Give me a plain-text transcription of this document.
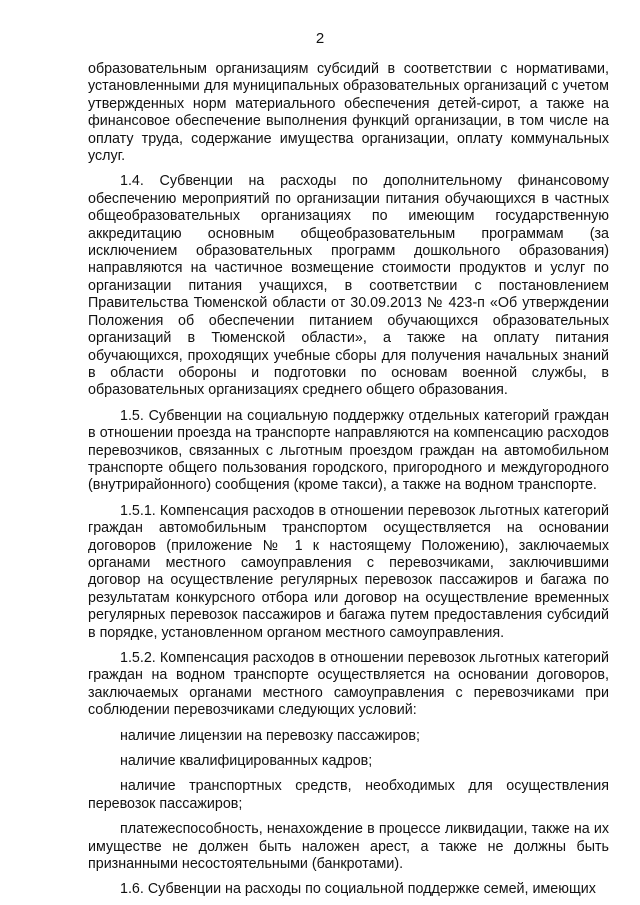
2

образовательным организациям субсидий в соответствии с нормативами, установленными для муниципальных образовательных организаций с учетом утвержденных норм материального обеспечения детей-сирот, а также на финансовое обеспечение выполнения функций организации, в том числе на оплату труда, содержание имущества организации, оплату коммунальных услуг.

1.4. Субвенции на расходы по дополнительному финансовому обеспечению мероприятий по организации питания обучающихся в частных общеобразовательных организациях по имеющим государственную аккредитацию основным общеобразовательным программам (за исключением образовательных программ дошкольного образования) направляются на частичное возмещение стоимости продуктов и услуг по организации питания учащихся, в соответствии с постановлением Правительства Тюменской области от 30.09.2013 № 423-п «Об утверждении Положения об обеспечении питанием обучающихся образовательных организаций в Тюменской области», а также на оплату питания обучающихся, проходящих учебные сборы для получения начальных знаний в области обороны и подготовки по основам военной службы, в образовательных организациях среднего общего образования.

1.5. Субвенции на социальную поддержку отдельных категорий граждан в отношении проезда на транспорте направляются на компенсацию расходов перевозчиков, связанных с льготным проездом граждан на автомобильном транспорте общего пользования городского, пригородного и междугородного (внутрирайонного) сообщения (кроме такси), а также на водном транспорте.

1.5.1. Компенсация расходов в отношении перевозок льготных категорий граждан автомобильным транспортом осуществляется на основании договоров (приложение № 1 к настоящему Положению), заключаемых органами местного самоуправления с перевозчиками, заключившими договор на осуществление регулярных перевозок пассажиров и багажа по результатам конкурсного отбора или договор на осуществление временных регулярных перевозок пассажиров и багажа путем предоставления субсидий в порядке, установленном органом местного самоуправления.

1.5.2. Компенсация расходов в отношении перевозок льготных категорий граждан на водном транспорте осуществляется на основании договоров, заключаемых органами местного самоуправления с перевозчиками при соблюдении перевозчиками следующих условий:

наличие лицензии на перевозку пассажиров;

наличие квалифицированных кадров;

наличие транспортных средств, необходимых для осуществления перевозок пассажиров;

платежеспособность, ненахождение в процессе ликвидации, также на их имуществе не должен быть наложен арест, а также не должны быть признанными несостоятельными (банкротами).

1.6. Субвенции на расходы по социальной поддержке семей, имеющих
